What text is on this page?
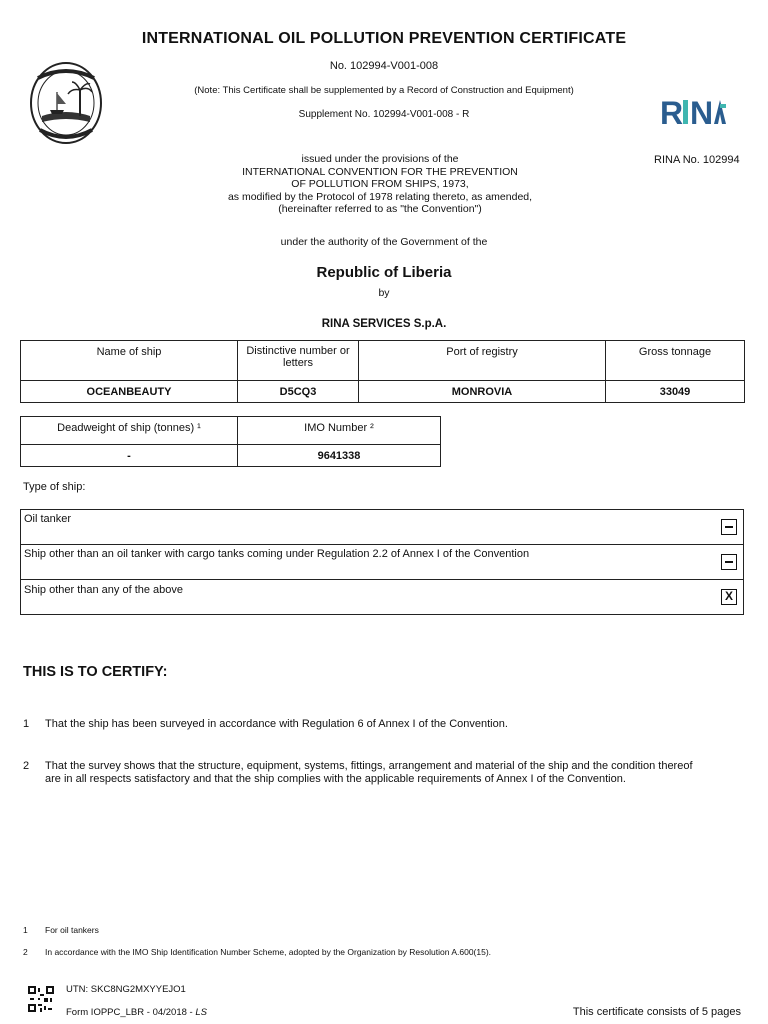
INTERNATIONAL OIL POLLUTION PREVENTION CERTIFICATE
No. 102994-V001-008
(Note: This Certificate shall be supplemented by a Record of Construction and Equipment)
Supplement No. 102994-V001-008 - R	R N
RINA No. 102994
issued under the provisions of the
INTERNATIONAL CONVENTION FOR THE PREVENTION
OF POLLUTION FROM SHIPS, 1973,
as modified by the Protocol of 1978 relating thereto, as amended,
(hereinafter referred to as "the Convention")
under the authority of the Government of the
Republic of Liberia
by
RINA SERVICES S.p.A.
Name of ship	Distinctive number or letters	Port of registry	Gross tonnage
OCEANBEAUTY	D5CQ3	MONROVIA	33049
Deadweight of ship (tonnes) ¹	IMO Number ²
-	9641338
Type of ship:
Oil tanker
Ship other than an oil tanker with cargo tanks coming under Regulation 2.2 of Annex I of the Convention
Ship other than any of the above	X
THIS IS TO CERTIFY:
1 That the ship has been surveyed in accordance with Regulation 6 of Annex I of the Convention.
2 That the survey shows that the structure, equipment, systems, fittings, arrangement and material of the ship and the condition thereof
are in all respects satisfactory and that the ship complies with the applicable requirements of Annex I of the Convention.
1 For oil tankers
2 In accordance with the IMO Ship Identification Number Scheme, adopted by the Organization by Resolution A.600(15).
UTN: SKC8NG2MXYYEJO1
Form IOPPC_LBR - 04/2018 - LS	This certificate consists of 5 pages
